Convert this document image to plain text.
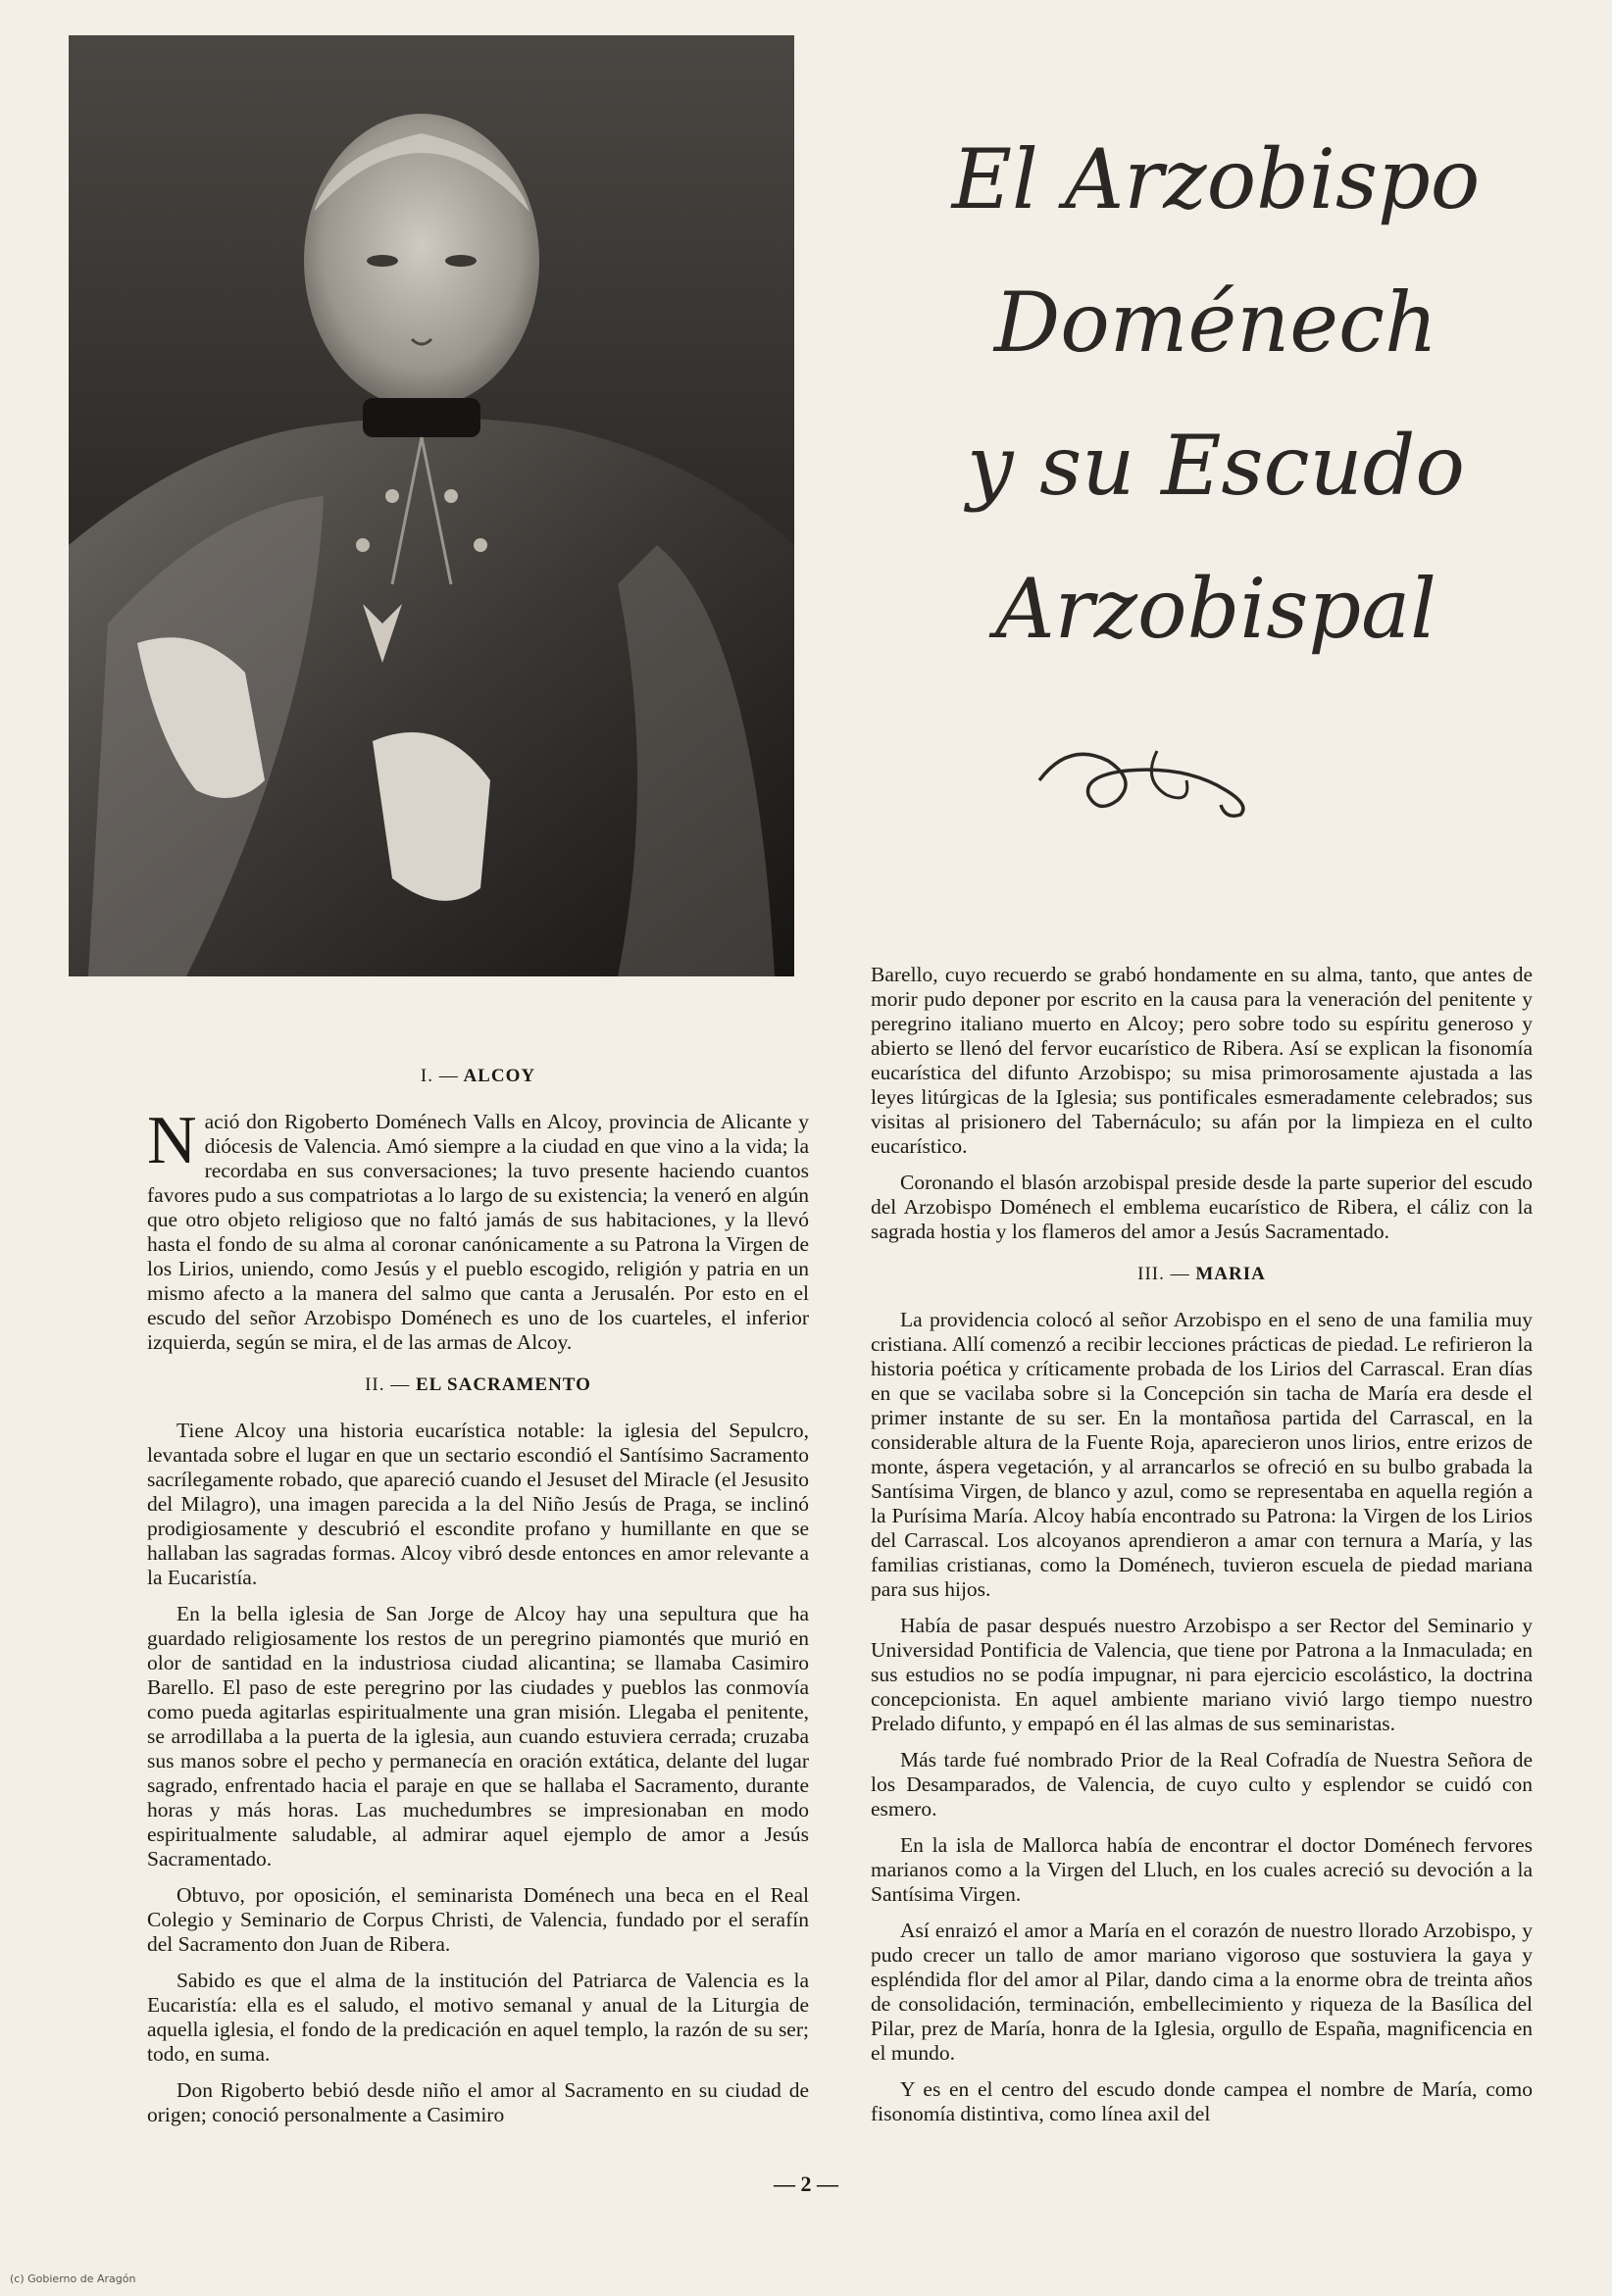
El Arzobispo
Doménech
y su Escudo
Arzobispal
I. — ALCOY

Nació don Rigoberto Doménech Valls en Alcoy, provincia de Alicante y diócesis de Valencia. Amó siempre a la ciudad en que vino a la vida; la recordaba en sus conversaciones; la tuvo presente haciendo cuantos favores pudo a sus compatriotas a lo largo de su existencia; la veneró en algún que otro objeto religioso que no faltó jamás de sus habitaciones, y la llevó hasta el fondo de su alma al coronar canónicamente a su Patrona la Virgen de los Lirios, uniendo, como Jesús y el pueblo escogido, religión y patria en un mismo afecto a la manera del salmo que canta a Jerusalén. Por esto en el escudo del señor Arzobispo Doménech es uno de los cuarteles, el inferior izquierda, según se mira, el de las armas de Alcoy.

II. — EL SACRAMENTO

Tiene Alcoy una historia eucarística notable: la iglesia del Sepulcro, levantada sobre el lugar en que un sectario escondió el Santísimo Sacramento sacrílegamente robado, que apareció cuando el Jesuset del Miracle (el Jesusito del Milagro), una imagen parecida a la del Niño Jesús de Praga, se inclinó prodigiosamente y descubrió el escondite profano y humillante en que se hallaban las sagradas formas. Alcoy vibró desde entonces en amor relevante a la Eucaristía.

En la bella iglesia de San Jorge de Alcoy hay una sepultura que ha guardado religiosamente los restos de un peregrino piamontés que murió en olor de santidad en la industriosa ciudad alicantina; se llamaba Casimiro Barello. El paso de este peregrino por las ciudades y pueblos las conmovía como pueda agitarlas espiritualmente una gran misión. Llegaba el penitente, se arrodillaba a la puerta de la iglesia, aun cuando estuviera cerrada; cruzaba sus manos sobre el pecho y permanecía en oración extática, delante del lugar sagrado, enfrentado hacia el paraje en que se hallaba el Sacramento, durante horas y más horas. Las muchedumbres se impresionaban en modo espiritualmente saludable, al admirar aquel ejemplo de amor a Jesús Sacramentado.

Obtuvo, por oposición, el seminarista Doménech una beca en el Real Colegio y Seminario de Corpus Christi, de Valencia, fundado por el serafín del Sacramento don Juan de Ribera.

Sabido es que el alma de la institución del Patriarca de Valencia es la Eucaristía: ella es el saludo, el motivo semanal y anual de la Liturgia de aquella iglesia, el fondo de la predicación en aquel templo, la razón de su ser; todo, en suma.

Don Rigoberto bebió desde niño el amor al Sacramento en su ciudad de origen; conoció personalmente a Casimiro

Barello, cuyo recuerdo se grabó hondamente en su alma, tanto, que antes de morir pudo deponer por escrito en la causa para la veneración del penitente y peregrino italiano muerto en Alcoy; pero sobre todo su espíritu generoso y abierto se llenó del fervor eucarístico de Ribera. Así se explican la fisonomía eucarística del difunto Arzobispo; su misa primorosamente ajustada a las leyes litúrgicas de la Iglesia; sus pontificales esmeradamente celebrados; sus visitas al prisionero del Tabernáculo; su afán por la limpieza en el culto eucarístico.

Coronando el blasón arzobispal preside desde la parte superior del escudo del Arzobispo Doménech el emblema eucarístico de Ribera, el cáliz con la sagrada hostia y los flameros del amor a Jesús Sacramentado.

III. — MARIA

La providencia colocó al señor Arzobispo en el seno de una familia muy cristiana. Allí comenzó a recibir lecciones prácticas de piedad. Le refirieron la historia poética y críticamente probada de los Lirios del Carrascal. Eran días en que se vacilaba sobre si la Concepción sin tacha de María era desde el primer instante de su ser. En la montañosa partida del Carrascal, en la considerable altura de la Fuente Roja, aparecieron unos lirios, entre erizos de monte, áspera vegetación, y al arrancarlos se ofreció en su bulbo grabada la Santísima Virgen, de blanco y azul, como se representaba en aquella región a la Purísima María. Alcoy había encontrado su Patrona: la Virgen de los Lirios del Carrascal. Los alcoyanos aprendieron a amar con ternura a María, y las familias cristianas, como la Doménech, tuvieron escuela de piedad mariana para sus hijos.

Había de pasar después nuestro Arzobispo a ser Rector del Seminario y Universidad Pontificia de Valencia, que tiene por Patrona a la Inmaculada; en sus estudios no se podía impugnar, ni para ejercicio escolástico, la doctrina concepcionista. En aquel ambiente mariano vivió largo tiempo nuestro Prelado difunto, y empapó en él las almas de sus seminaristas.

Más tarde fué nombrado Prior de la Real Cofradía de Nuestra Señora de los Desamparados, de Valencia, de cuyo culto y esplendor se cuidó con esmero.

En la isla de Mallorca había de encontrar el doctor Doménech fervores marianos como a la Virgen del Lluch, en los cuales acreció su devoción a la Santísima Virgen.

Así enraizó el amor a María en el corazón de nuestro llorado Arzobispo, y pudo crecer un tallo de amor mariano vigoroso que sostuviera la gaya y espléndida flor del amor al Pilar, dando cima a la enorme obra de treinta años de consolidación, terminación, embellecimiento y riqueza de la Basílica del Pilar, prez de María, honra de la Iglesia, orgullo de España, magnificencia en el mundo.

Y es en el centro del escudo donde campea el nombre de María, como fisonomía distintiva, como línea axil del

— 2 —
(c) Gobierno de Aragón
